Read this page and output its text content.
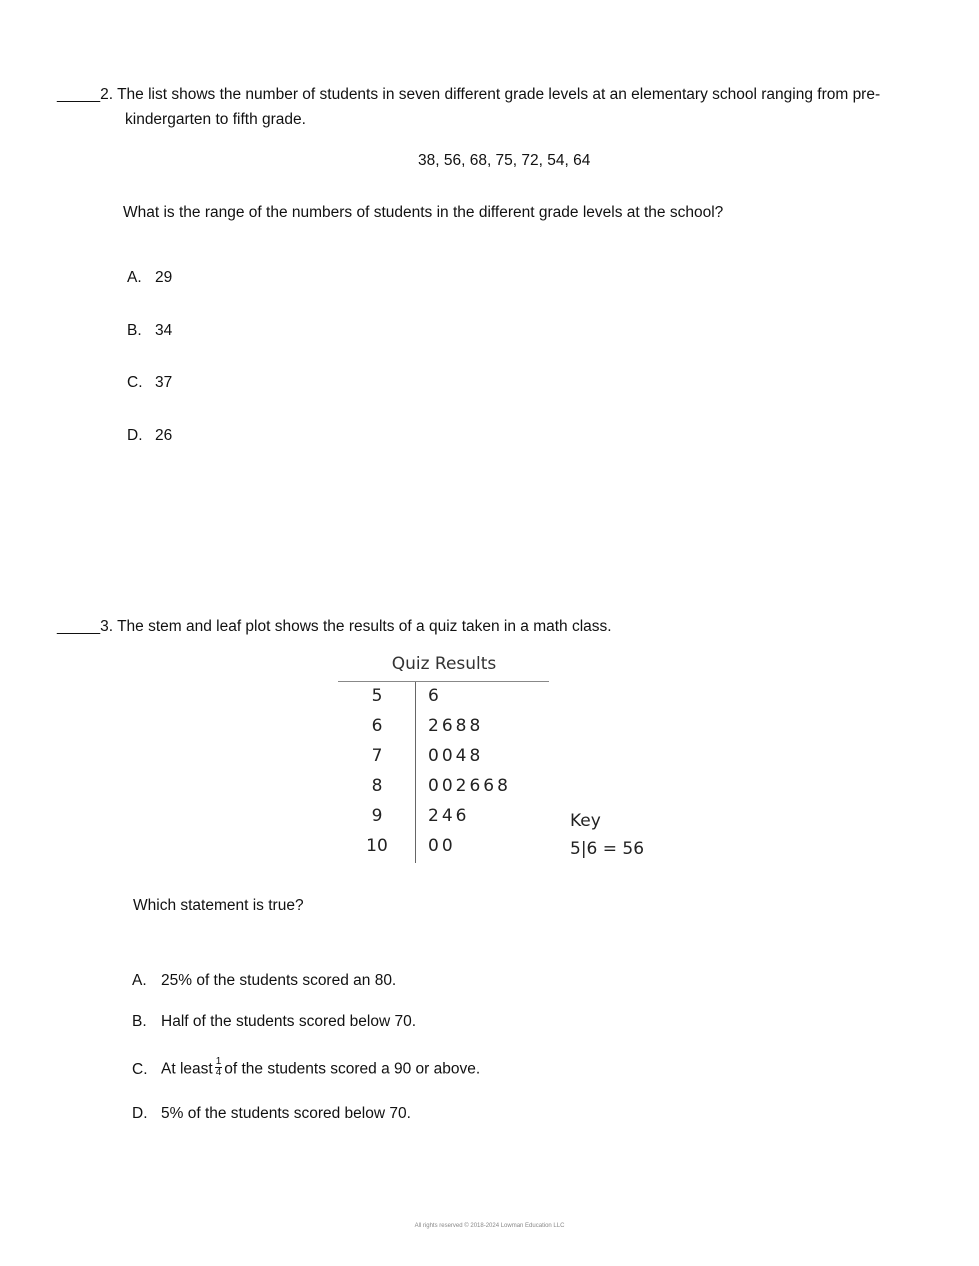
_____2. The list shows the number of students in seven different grade levels at an elementary school ranging from pre-
kindergarten to fifth grade.
38, 56, 68, 75, 72, 54, 64
What is the range of the numbers of students in the different grade levels at the school?
A. 29
B. 34
C. 37
D. 26
_____3. The stem and leaf plot shows the results of a quiz taken in a math class.
Quiz Results
5	6
6	2688
7	0048
8	002668
9	246
10	00
Key
5|6 = 56
Which statement is true?
A. 25% of the students scored an 80.
B. Half of the students scored below 70.
C. At least $\frac{1}{4}$ of the students scored a 90 or above.
D. 5% of the students scored below 70.
All rights reserved © 2018-2024 Lowman Education LLC
